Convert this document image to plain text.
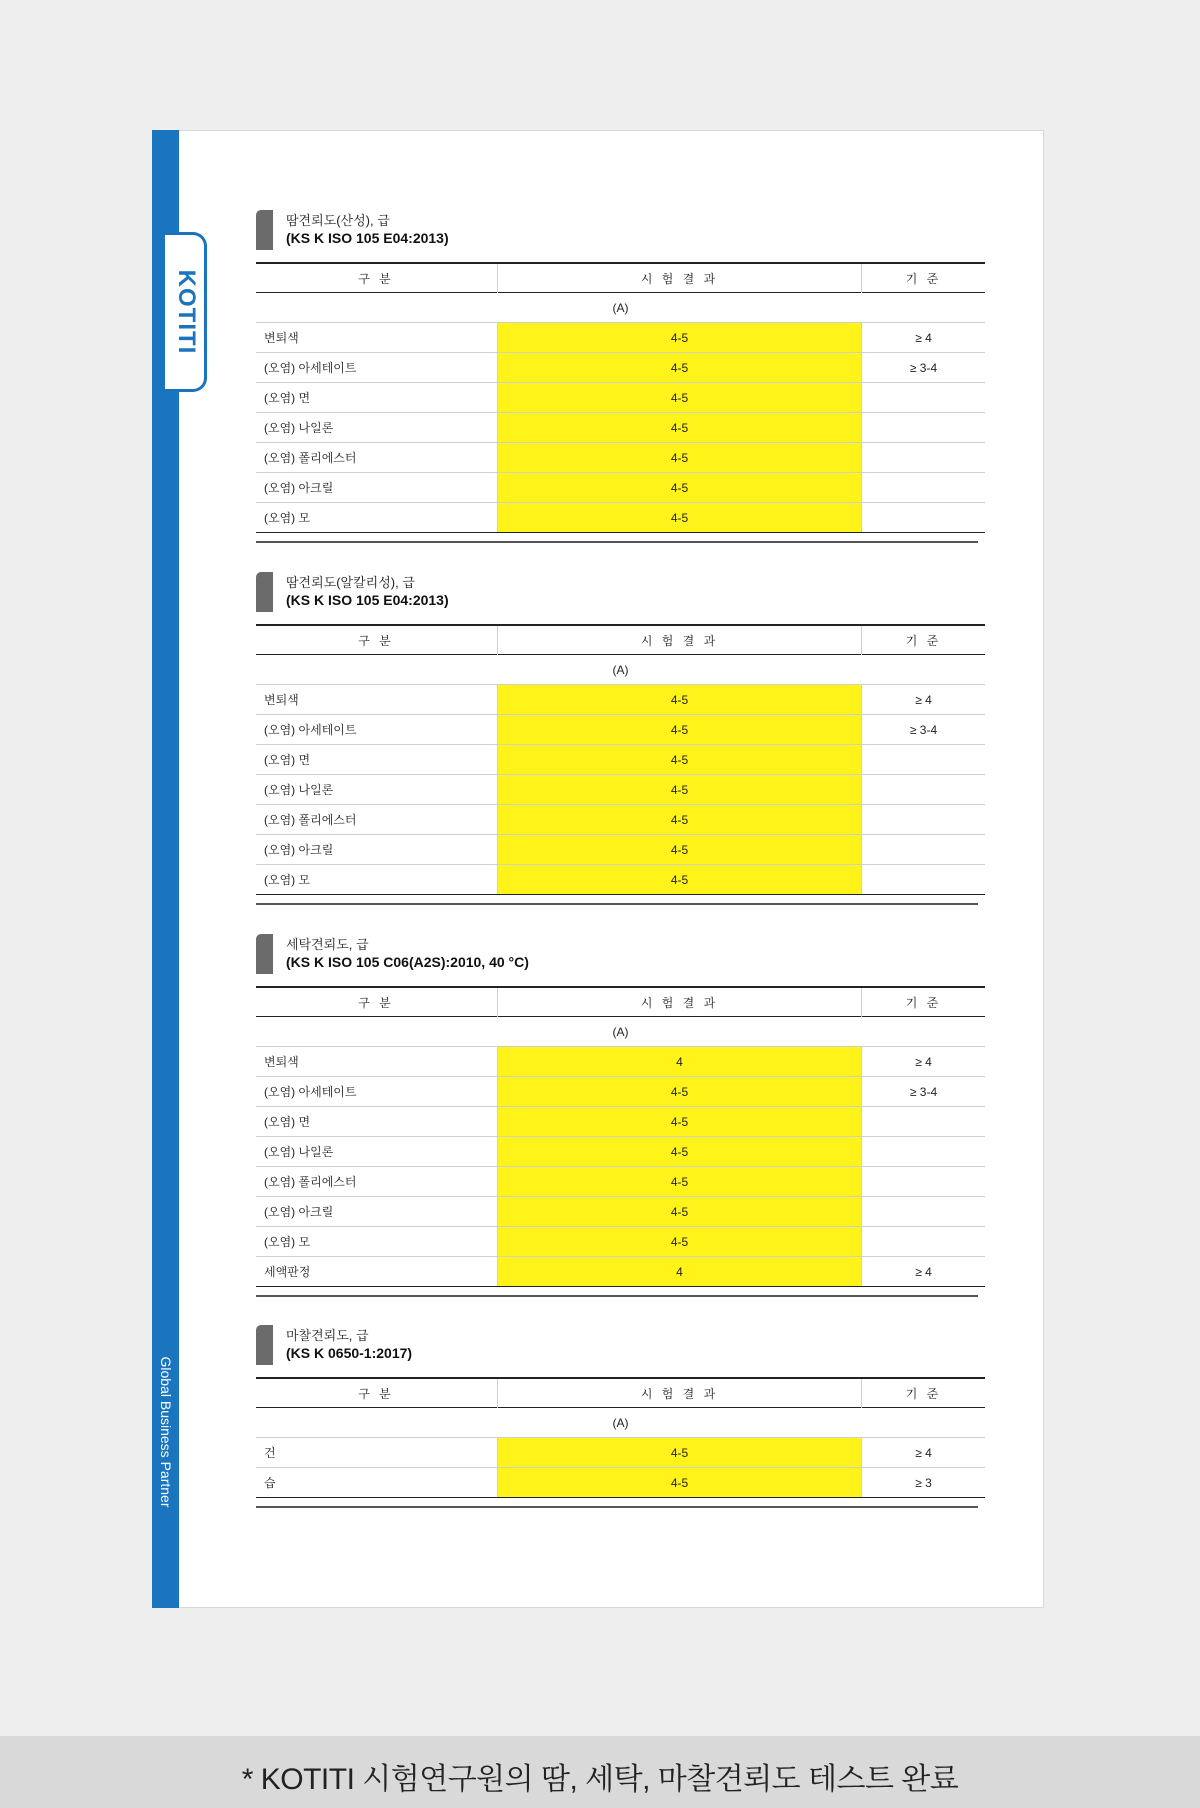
KOTITI
Global Business Partner
땀견뢰도(산성), 급
(KS K ISO 105 E04:2013)
구 분	시 험 결 과	기 준
(A)		
변퇴색	4-5	≥ 4
(오염) 아세테이트	4-5	≥ 3-4
(오염) 면	4-5	
(오염) 나일론	4-5	
(오염) 폴리에스터	4-5	
(오염) 아크릴	4-5	
(오염) 모	4-5	
땀견뢰도(알칼리성), 급
(KS K ISO 105 E04:2013)
구 분	시 험 결 과	기 준
(A)		
변퇴색	4-5	≥ 4
(오염) 아세테이트	4-5	≥ 3-4
(오염) 면	4-5	
(오염) 나일론	4-5	
(오염) 폴리에스터	4-5	
(오염) 아크릴	4-5	
(오염) 모	4-5	
세탁견뢰도, 급
(KS K ISO 105 C06(A2S):2010, 40 °C)
구 분	시 험 결 과	기 준
(A)		
변퇴색	4	≥ 4
(오염) 아세테이트	4-5	≥ 3-4
(오염) 면	4-5	
(오염) 나일론	4-5	
(오염) 폴리에스터	4-5	
(오염) 아크릴	4-5	
(오염) 모	4-5	
세액판정	4	≥ 4
마찰견뢰도, 급
(KS K 0650-1:2017)
구 분	시 험 결 과	기 준
(A)		
건	4-5	≥ 4
습	4-5	≥ 3
* KOTITI 시험연구원의 땀, 세탁, 마찰견뢰도 테스트 완료
